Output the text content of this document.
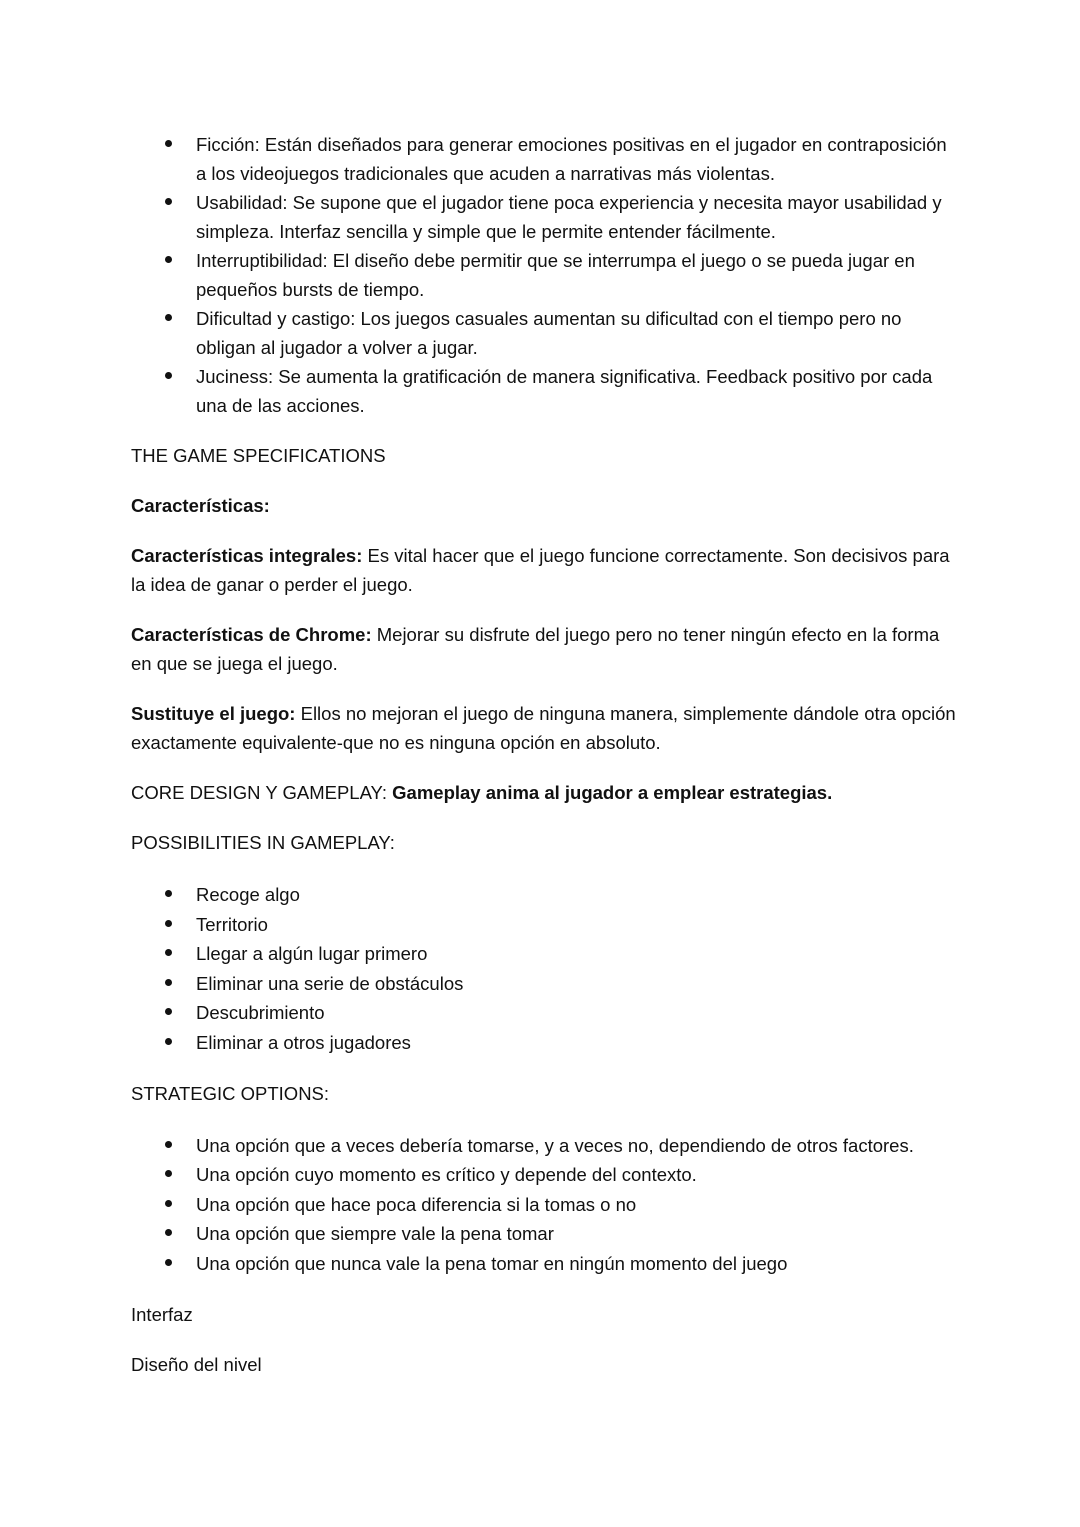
Ficción: Están diseñados para generar emociones positivas en el jugador en contraposición a los videojuegos tradicionales que acuden a narrativas más violentas.
Usabilidad: Se supone que el jugador tiene poca experiencia y necesita mayor usabilidad y simpleza. Interfaz sencilla y simple que le permite entender fácilmente.
Interruptibilidad: El diseño debe permitir que se interrumpa el juego o se pueda jugar en pequeños bursts de tiempo.
Dificultad y castigo: Los juegos casuales aumentan su dificultad con el tiempo pero no obligan al jugador a volver a jugar.
Juciness: Se aumenta la gratificación de manera significativa. Feedback positivo por cada una de las acciones.

THE GAME SPECIFICATIONS

Características:

Características integrales: Es vital hacer que el juego funcione correctamente. Son decisivos para la idea de ganar o perder el juego.

Características de Chrome: Mejorar su disfrute del juego pero no tener ningún efecto en la forma en que se juega el juego.

Sustituye el juego: Ellos no mejoran el juego de ninguna manera, simplemente dándole otra opción exactamente equivalente-que no es ninguna opción en absoluto.

CORE DESIGN Y GAMEPLAY: Gameplay anima al jugador a emplear estrategias.

POSSIBILITIES IN GAMEPLAY:

Recoge algo
Territorio
Llegar a algún lugar primero
Eliminar una serie de obstáculos
Descubrimiento
Eliminar a otros jugadores

STRATEGIC OPTIONS:

Una opción que a veces debería tomarse, y a veces no, dependiendo de otros factores.
Una opción cuyo momento es crítico y depende del contexto.
Una opción que hace poca diferencia si la tomas o no
Una opción que siempre vale la pena tomar
Una opción que nunca vale la pena tomar en ningún momento del juego

Interfaz

Diseño del nivel
